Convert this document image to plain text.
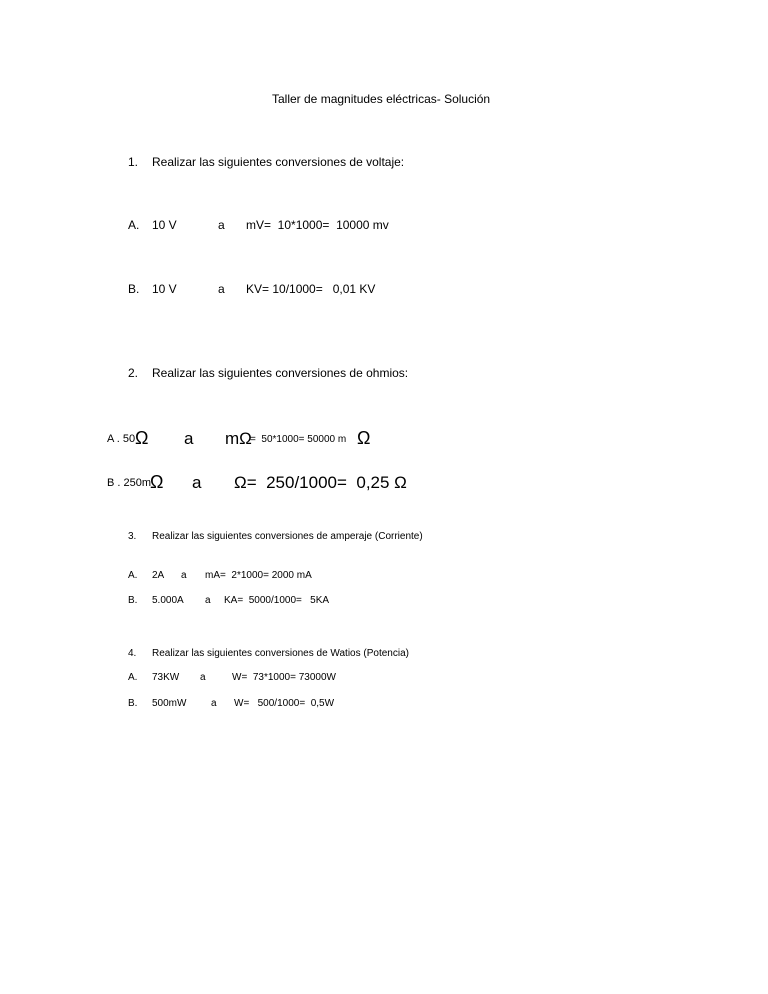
Taller de magnitudes eléctricas- Solución
1. Realizar las siguientes conversiones de voltaje:
A. 10 V	a mV=  10*1000=  10000 mv
B. 10 V	a KV= 10/1000=   0,01 KV
2. Realizar las siguientes conversiones de ohmios:
A . 50 Ω a mΩ
=  50*1000= 50000 m Ω
B . 250m
Ω a Ω=  250/1000=  0,25 Ω
3. Realizar las siguientes conversiones de amperaje (Corriente)
A. 2A a mA=  2*1000= 2000 mA
B. 5.000A a KA=  5000/1000=   5KA
4. Realizar las siguientes conversiones de Watios (Potencia)
A. 73KW a	W=  73*1000= 73000W
B. 500mW a W=   500/1000=  0,5W
